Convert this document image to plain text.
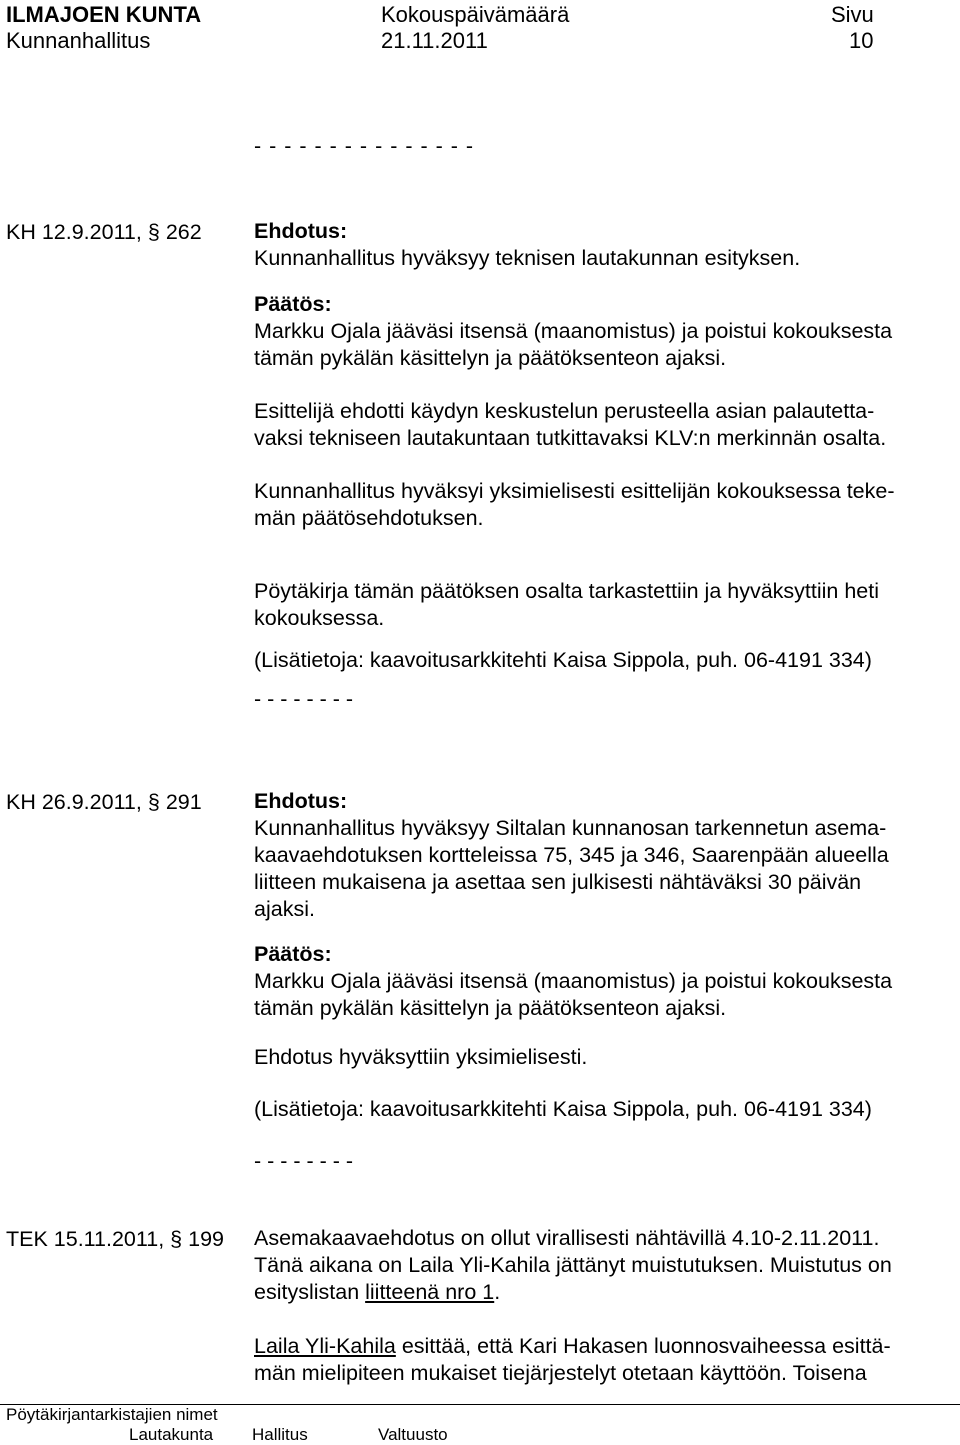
ILMAJOEN KUNTA
Kunnanhallitus
Kokouspäivämäärä
21.11.2011
Sivu
10
- - - - - - - - - - - - - - -
KH 12.9.2011, § 262 Ehdotus:

Kunnanhallitus hyväksyy teknisen lautakunnan esityksen.

Päätös:

Markku Ojala jääväsi itsensä (maanomistus) ja poistui kokouksesta

tämän pykälän käsittelyn ja päätöksenteon ajaksi.

Esittelijä ehdotti käydyn keskustelun perusteella asian palautetta-

vaksi tekniseen lautakuntaan tutkittavaksi KLV:n merkinnän osalta.

Kunnanhallitus hyväksyi yksimielisesti esittelijän kokouksessa teke-

män päätösehdotuksen.

Pöytäkirja tämän päätöksen osalta tarkastettiin ja hyväksyttiin heti

kokouksessa.

(Lisätietoja: kaavoitusarkkitehti Kaisa Sippola, puh. 06-4191 334)

- - - - - - - -

KH 26.9.2011, § 291 Ehdotus:

Kunnanhallitus hyväksyy Siltalan kunnanosan tarkennetun asema-

kaavaehdotuksen kortteleissa 75, 345 ja 346, Saarenpään alueella

liitteen mukaisena ja asettaa sen julkisesti nähtäväksi 30 päivän

ajaksi.

Päätös:

Markku Ojala jääväsi itsensä (maanomistus) ja poistui kokouksesta

tämän pykälän käsittelyn ja päätöksenteon ajaksi.

Ehdotus hyväksyttiin yksimielisesti.

(Lisätietoja: kaavoitusarkkitehti Kaisa Sippola, puh. 06-4191 334)

- - - - - - - -

TEK 15.11.2011, § 199 Asemakaavaehdotus on ollut virallisesti nähtävillä 4.10-2.11.2011.

Tänä aikana on Laila Yli-Kahila jättänyt muistutuksen. Muistutus on

esityslistan liitteenä nro 1.

Laila Yli-Kahila esittää, että Kari Hakasen luonnosvaiheessa esittä-

män mielipiteen mukaiset tiejärjestelyt otetaan käyttöön. Toisena

Pöytäkirjantarkistajien nimet
Lautakunta Hallitus	Valtuusto
